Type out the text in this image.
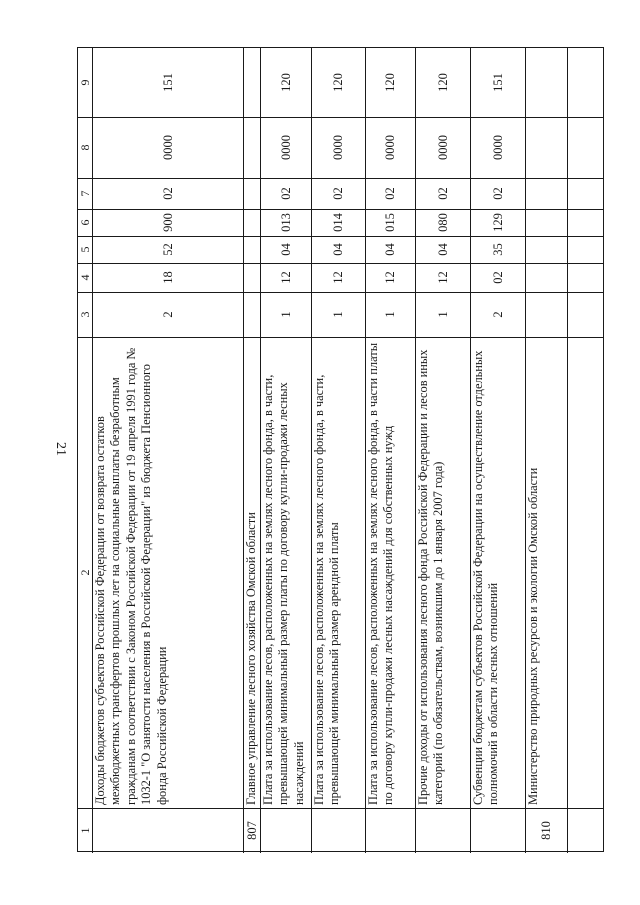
21
9
8
7
6
5
4
3
2
1
151
0000
02
900
52
18
2
Доходы бюджетов субъектов Российской Федерации от возврата остатков межбюджетных трансфертов прошлых лет на социальные выплаты безработным гражданам в соответствии с Законом Российской Федерации от 19 апреля 1991 года № 1032-1 "О занятости населения в Российской Федерации" из бюджета Пенсионного фонда Российской Федерации	Главное управление лесного хозяйства Омской области
807
120
0000
02
013
04
12
1
Плата за использование лесов, расположенных на землях лесного фонда, в части, превышающей минимальный размер платы по договору купли-продажи лесных насаждений
120
0000
02
014
04
12
1
Плата за использование лесов, расположенных на землях лесного фонда, в части, превышающей минимальный размер арендной платы
120
0000
02
015
04
12
1
Плата за использование лесов, расположенных на землях лесного фонда, в части платы по договору купли-продажи лесных насаждений для собственных нужд
120
0000
02
080
04
12
1
Прочие доходы от использования лесного фонда Российской Федерации и лесов иных категорий (по обязательствам, возникшим до 1 января 2007 года)
151
0000
02
129
35
02
2
Субвенции бюджетам субъектов Российской Федерации на осуществление отдельных полномочий в области лесных отношений	Министерство природных ресурсов и экологии Омской области
810
